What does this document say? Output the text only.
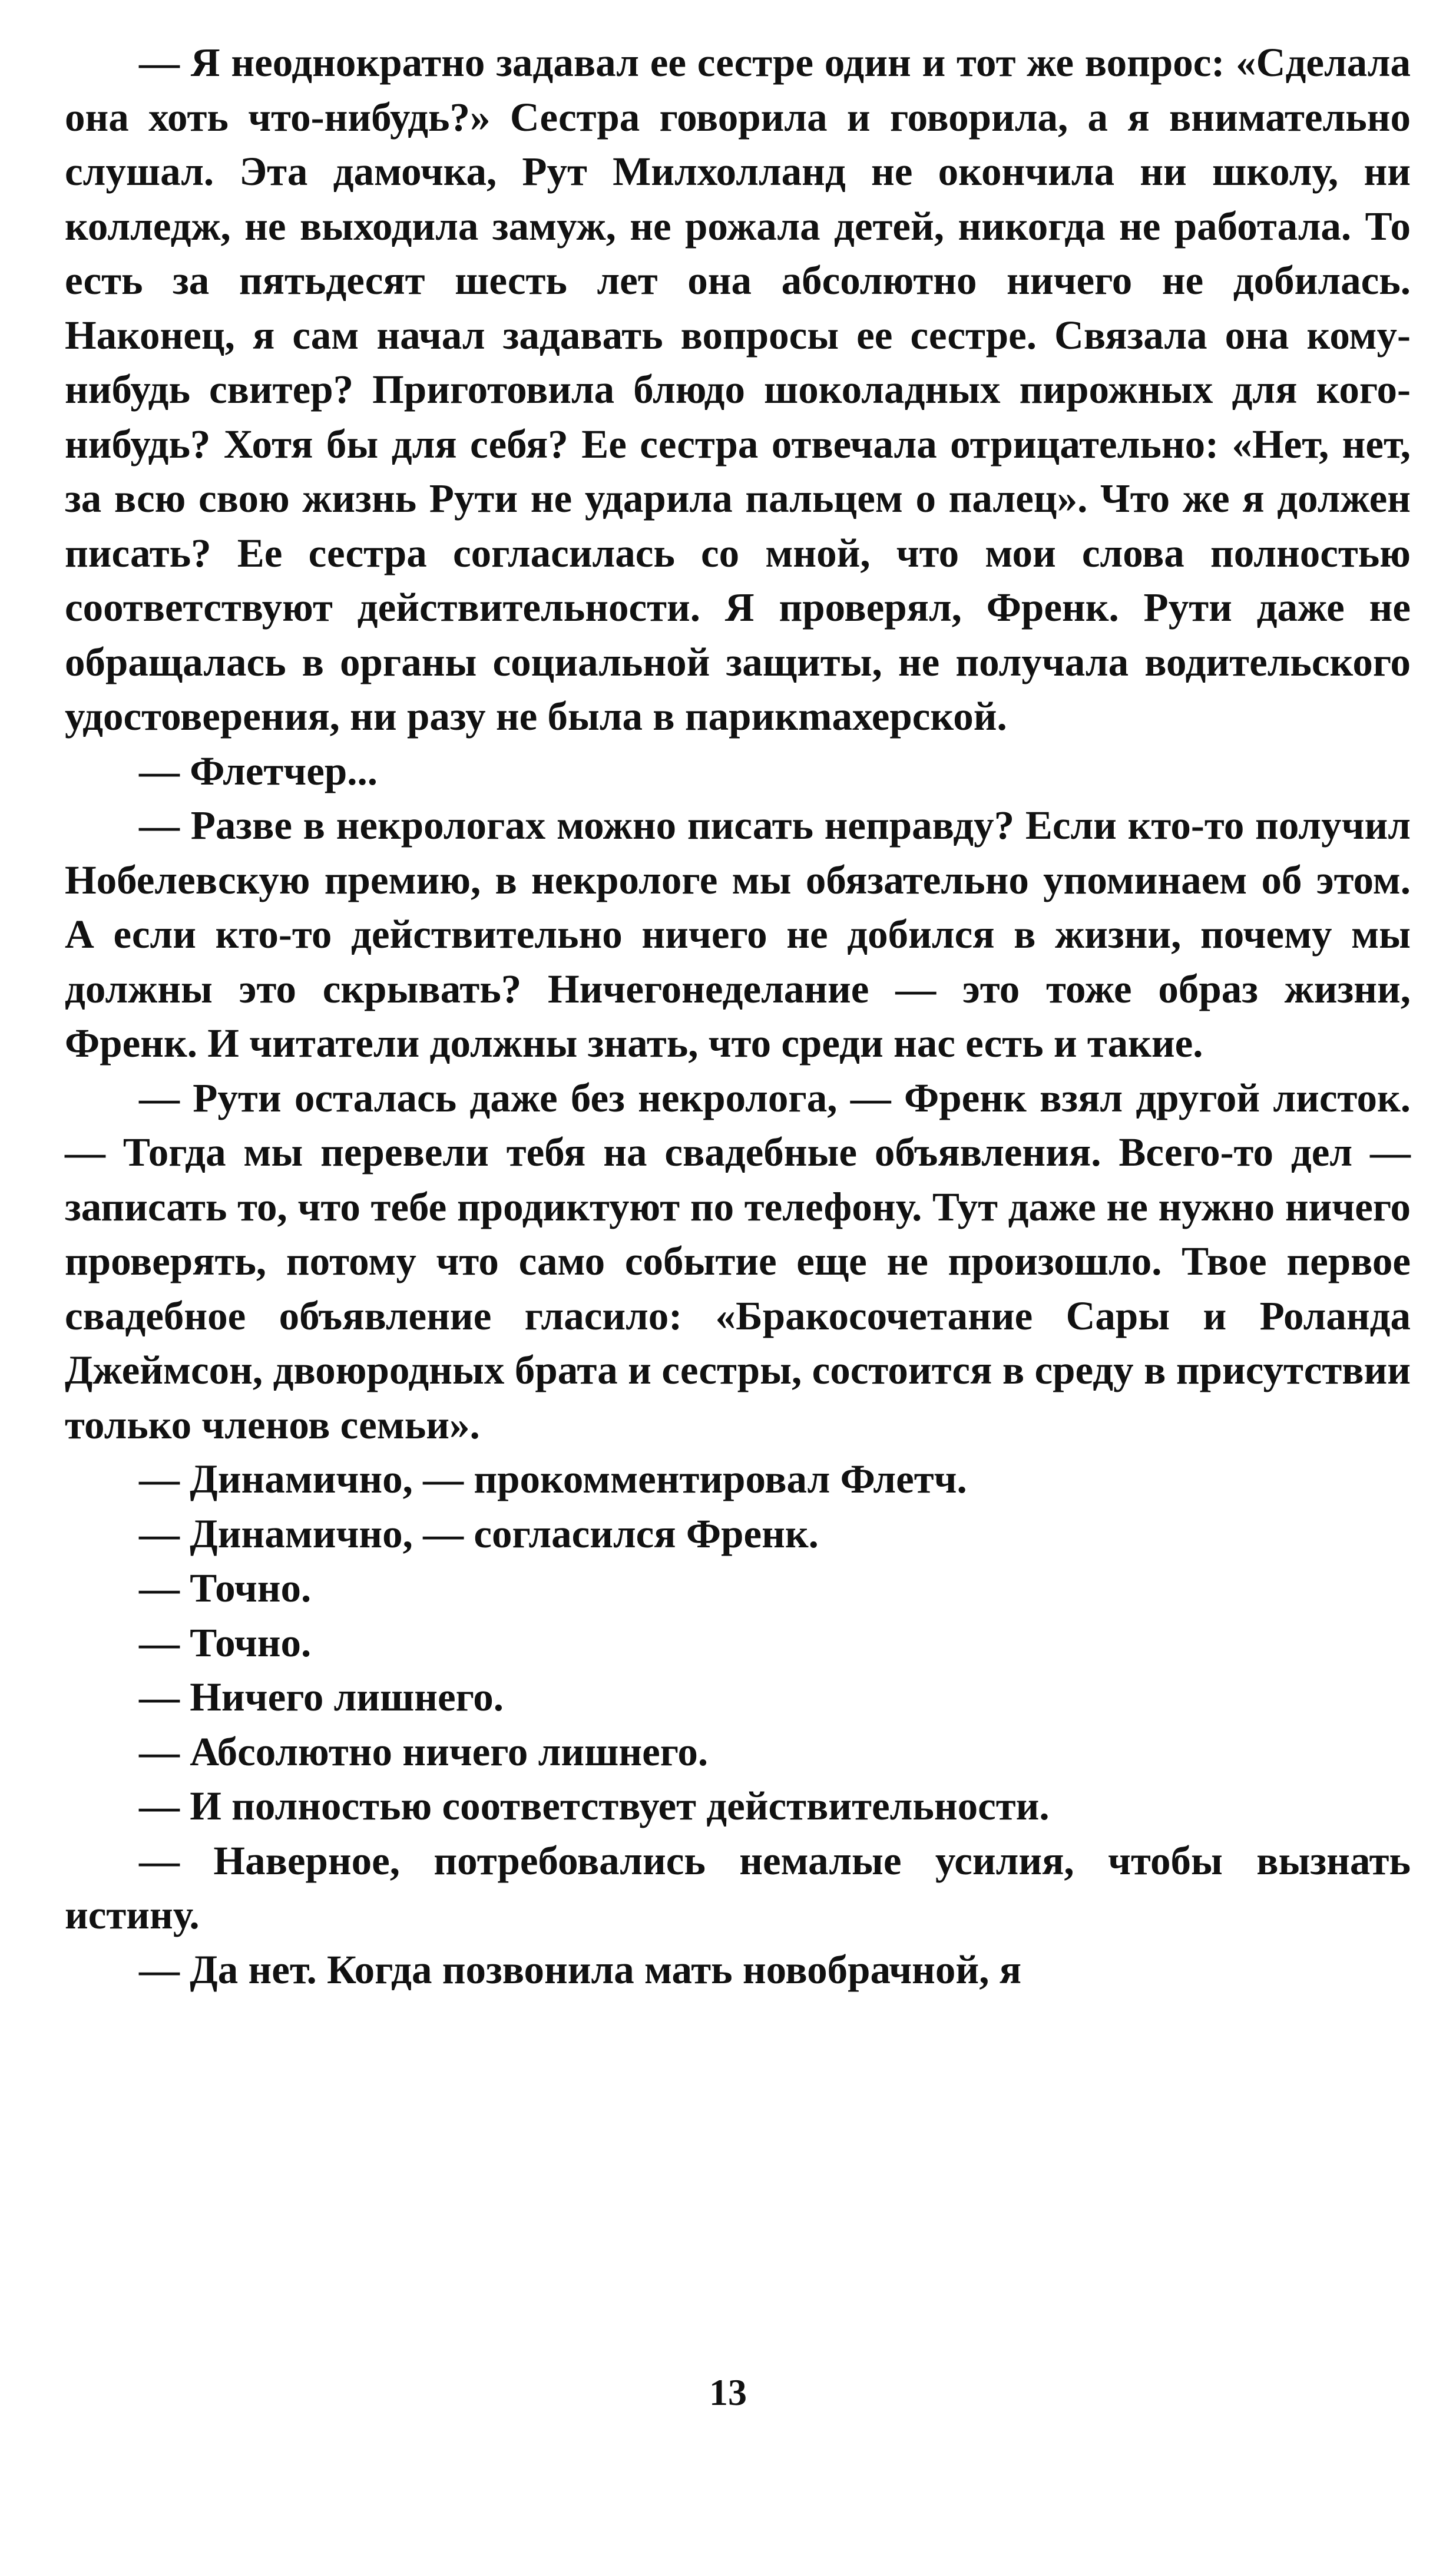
— Я неоднократно задавал ее сестре один и тот же вопрос: «Сделала она хоть что-нибудь?» Сестра говорила и говорила, а я внимательно слушал. Эта дамочка, Рут Милхолланд не окончила ни школу, ни колледж, не выходила замуж, не рожала детей, никогда не работала. То есть за пятьдесят шесть лет она абсолютно ничего не добилась. Наконец, я сам начал задавать вопросы ее сестре. Связала она кому-нибудь свитер? Приготовила блюдо шоколадных пирожных для кого-нибудь? Хотя бы для себя? Ее сестра отвечала отрицательно: «Нет, нет, за всю свою жизнь Рути не ударила пальцем о палец». Что же я должен писать? Ее сестра согласилась со мной, что мои слова полностью соответствуют действительности. Я проверял, Френк. Рути даже не обращалась в органы социальной защиты, не получала водительского удостоверения, ни разу не была в парикmахерской.

— Флетчер...

— Разве в некрологах можно писать неправду? Если кто-то получил Нобелевскую премию, в некрологе мы обязательно упоминаем об этом. А если кто-то действительно ничего не добился в жизни, почему мы должны это скрывать? Ничегонеделание — это тоже образ жизни, Френк. И читатели должны знать, что среди нас есть и такие.

— Рути осталась даже без некролога, — Френк взял другой листок. — Тогда мы перевели тебя на свадебные объявления. Всего-то дел — записать то, что тебе продиктуют по телефону. Тут даже не нужно ничего проверять, потому что само событие еще не произошло. Твое первое свадебное объявление гласило: «Бракосочетание Сары и Роланда Джеймсон, двоюродных брата и сестры, состоится в среду в присутствии только членов семьи».

— Динамично, — прокомментировал Флетч.

— Динамично, — согласился Френк.

— Точно.

— Точно.

— Ничего лишнего.

— Абсолютно ничего лишнего.

— И полностью соответствует действительности.

— Наверное, потребовались немалые усилия, чтобы вызнать истину.

— Да нет. Когда позвонила мать новобрачной, я

13
